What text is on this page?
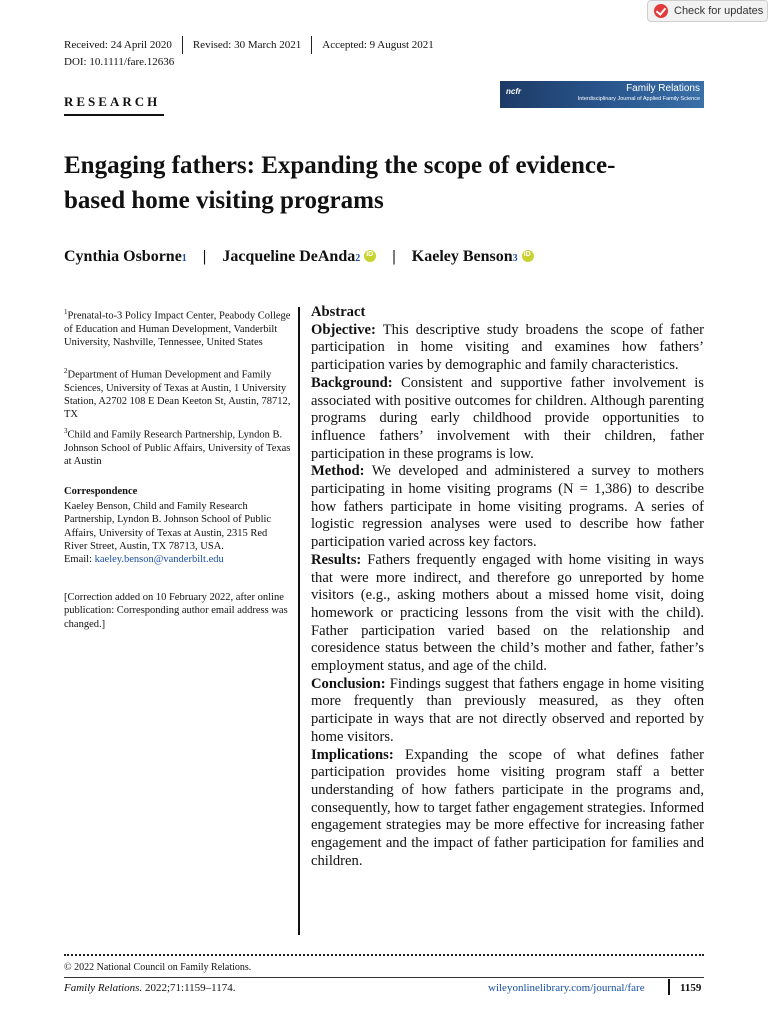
Check for updates
Received: 24 April 2020	Revised: 30 March 2021	Accepted: 9 August 2021
DOI: 10.1111/fare.12636
RESEARCH
ncfr	Family Relations
Interdisciplinary Journal of Applied Family Science
Engaging fathers: Expanding the scope of evidence-based home visiting programs
Cynthia Osborne 1 | Jacqueline DeAnda 2
iD | Kaeley Benson 3
iD
$^1$Prenatal-to-3 Policy Impact Center, Peabody College of Education and Human Development, Vanderbilt University, Nashville, Tennessee, United States
$^2$Department of Human Development and Family Sciences, University of Texas at Austin, 1 University Station, A2702 108 E Dean Keeton St, Austin, 78712, TX
$^3$Child and Family Research Partnership, Lyndon B. Johnson School of Public Affairs, University of Texas at Austin
Correspondence
Kaeley Benson, Child and Family Research Partnership, Lyndon B. Johnson School of Public Affairs, University of Texas at Austin, 2315 Red River Street, Austin, TX 78713, USA.
Email: kaeley.benson@vanderbilt.edu
[Correction added on 10 February 2022, after online publication: Corresponding author email address was changed.]

Abstract

Objective: This descriptive study broadens the scope of father participation in home visiting and examines how fathers’ participation varies by demographic and family characteristics.

Background: Consistent and supportive father involvement is associated with positive outcomes for children. Although parenting programs during early childhood provide opportunities to influence fathers’ involvement with their children, father participation in these programs is low.

Method: We developed and administered a survey to mothers participating in home visiting programs (N = 1,386) to describe how fathers participate in home visiting programs. A series of logistic regression analyses were used to describe how father participation varied across key factors.

Results: Fathers frequently engaged with home visiting in ways that were more indirect, and therefore go unreported by home visitors (e.g., asking mothers about a missed home visit, doing homework or practicing lessons from the visit with the child). Father participation varied based on the relationship and coresidence status between the child’s mother and father, father’s employment status, and age of the child.

Conclusion: Findings suggest that fathers engage in home visiting more frequently than previously measured, as they often participate in ways that are not directly observed and reported by home visitors.

Implications: Expanding the scope of what defines father participation provides home visiting program staff a better understanding of how fathers participate in the programs and, consequently, how to target father engagement strategies. Informed engagement strategies may be more effective for increasing father engagement and the impact of father participation for families and children.

© 2022 National Council on Family Relations.
Family Relations. 2022;71:1159–1174.	wileyonlinelibrary.com/journal/fare	1159
